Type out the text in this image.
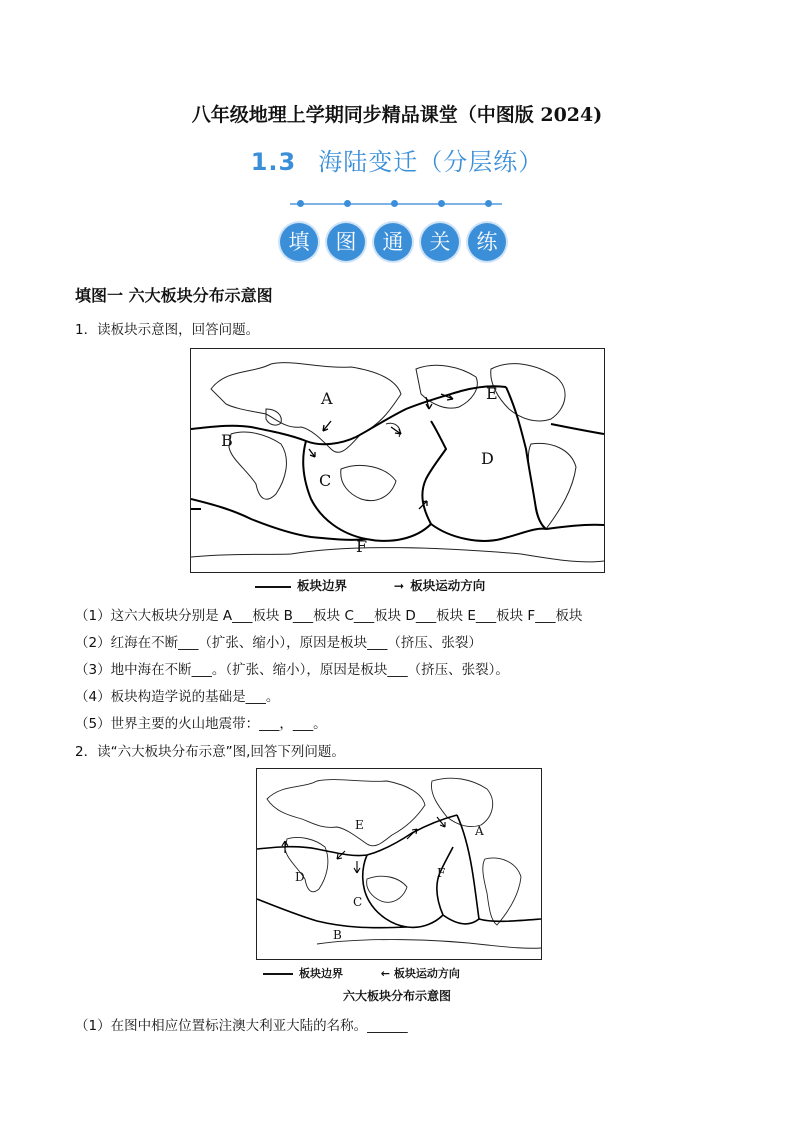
八年级地理上学期同步精品课堂（中图版 2024)
1.3 海陆变迁（分层练）
填	图	通	关	练
填图一 六大板块分布示意图
1．读板块示意图，回答问题。
A
B
C
D
E
F
板块边界	➞ 板块运动方向
（1）这六大板块分别是 A___板块 B___板块 C___板块 D___板块 E___板块 F___板块
（2）红海在不断___（扩张、缩小），原因是板块___（挤压、张裂）
（3）地中海在不断___。（扩张、缩小），原因是板块___（挤压、张裂）。
（4）板块构造学说的基础是___。
（5）世界主要的火山地震带：___，___。
2．读“六大板块分布示意”图,回答下列问题。
A
B
C
D
E
F
板块边界	← 板块运动方向
六大板块分布示意图
（1）在图中相应位置标注澳大利亚大陆的名称。______
